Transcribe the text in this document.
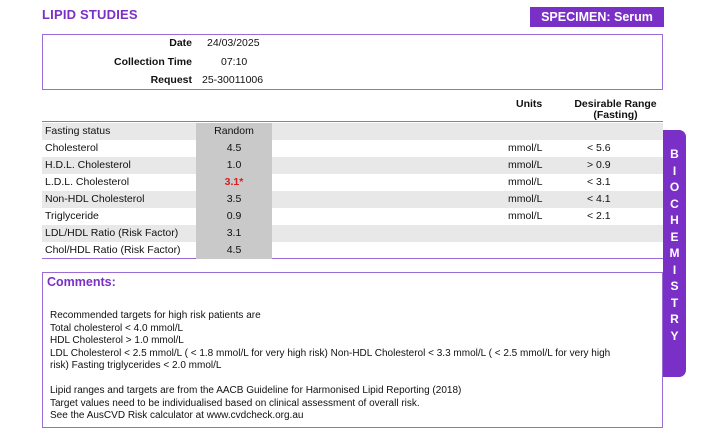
LIPID STUDIES	SPECIMEN: Serum
Date 24/03/2025
Collection Time	07:10
Request 25-30011006
Units	Desirable Range
(Fasting)
Fasting status	Random
Cholesterol	4.5	mmol/L	< 5.6
H.D.L. Cholesterol	1.0	mmol/L	> 0.9
L.D.L. Cholesterol	3.1*	mmol/L	< 3.1
Non-HDL Cholesterol	3.5	mmol/L	< 4.1
Triglyceride	0.9	mmol/L	< 2.1
LDL/HDL Ratio (Risk Factor)	3.1
Chol/HDL Ratio (Risk Factor)	4.5
Comments:
Recommended targets for high risk patients are
Total cholesterol < 4.0 mmol/L
HDL Cholesterol > 1.0 mmol/L
LDL Cholesterol < 2.5 mmol/L ( < 1.8 mmol/L for very high risk) Non-HDL Cholesterol < 3.3 mmol/L ( < 2.5 mmol/L for very high
risk) Fasting triglycerides < 2.0 mmol/L
Lipid ranges and targets are from the AACB Guideline for Harmonised Lipid Reporting (2018)
Target values need to be individualised based on clinical assessment of overall risk.
See the AusCVD Risk calculator at www.cvdcheck.org.au
B
I
O
C
H
E
M
I
S
T
R
Y
